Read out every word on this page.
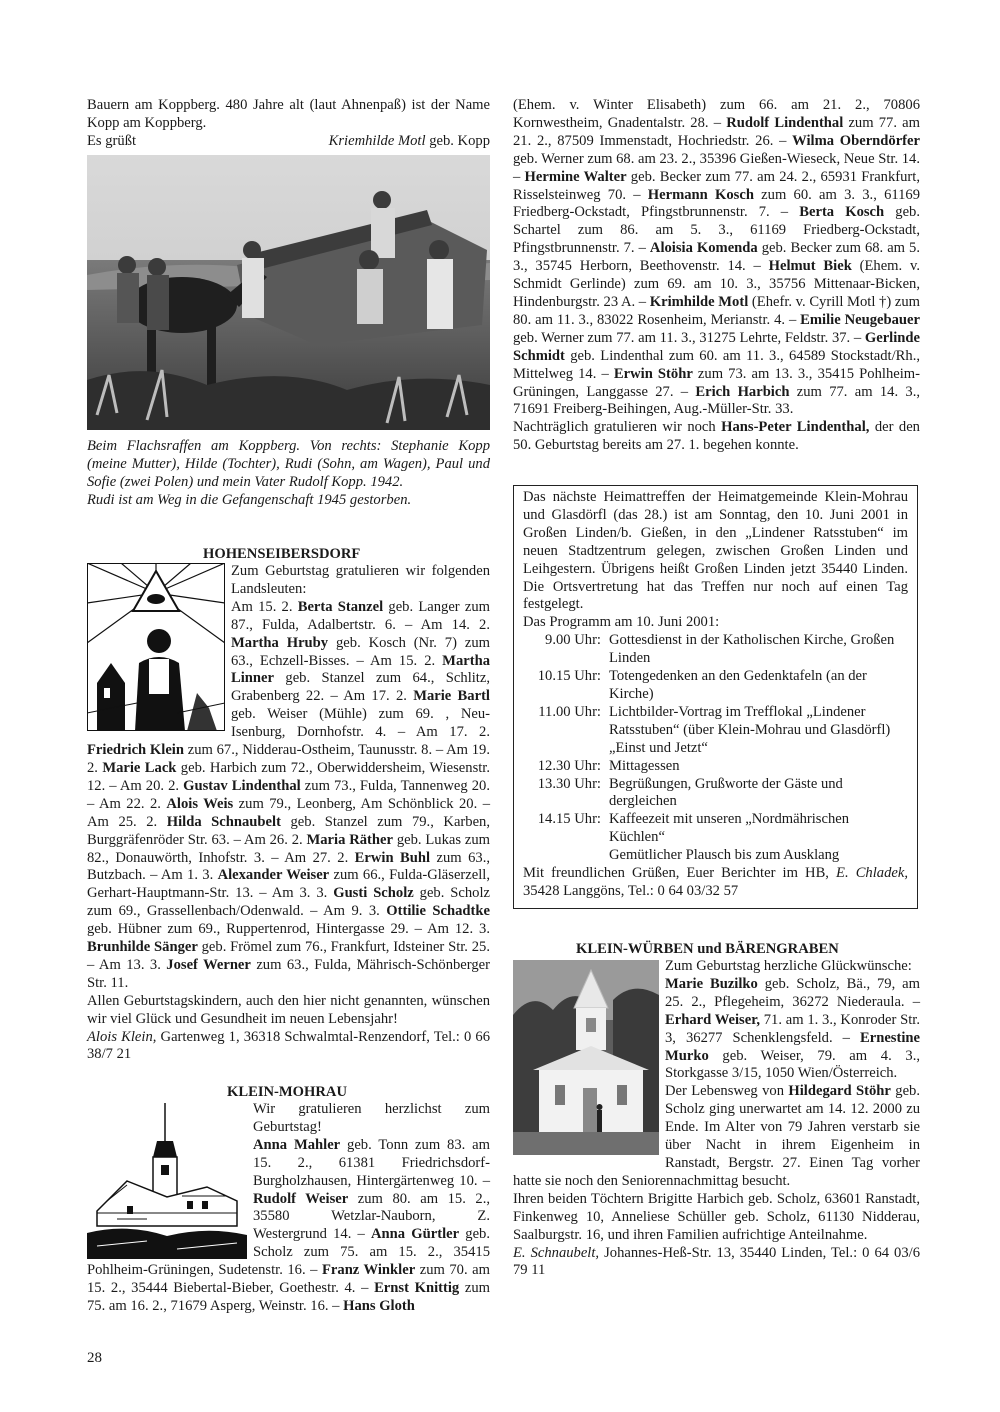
Bauern am Koppberg. 480 Jahre alt (laut Ahnenpaß) ist der Name Kopp am Koppberg.

Es grüßt	Kriemhilde Motl geb. Kopp
Beim Flachsraffen am Koppberg. Von rechts: Stephanie Kopp (meine Mutter), Hilde (Tochter), Rudi (Sohn, am Wagen), Paul und Sofie (zwei Polen) und mein Vater Rudolf Kopp. 1942.
Rudi ist am Weg in die Gefangenschaft 1945 gestorben.
HOHENSEIBERSDORF

Zum Geburtstag gratulieren wir folgenden Landsleuten:
Am 15. 2. Berta Stanzel geb. Langer zum 87., Fulda, Adalbertstr. 6. – Am 14. 2. Martha Hruby geb. Kosch (Nr. 7) zum 63., Echzell-Bisses. – Am 15. 2. Martha Linner geb. Stanzel zum 64., Schlitz, Grabenberg 22. – Am 17. 2. Marie Bartl geb. Weiser (Mühle) zum 69. , Neu-Isenburg, Dornhofstr. 4. – Am 17. 2. Friedrich Klein zum 67., Nidderau-Ostheim, Taunusstr. 8. – Am 19. 2. Marie Lack geb. Harbich zum 72., Oberwiddersheim, Wiesenstr. 12. – Am 20. 2. Gustav Lindenthal zum 73., Fulda, Tannenweg 20. – Am 22. 2. Alois Weis zum 79., Leonberg, Am Schönblick 20. – Am 25. 2. Hilda Schnaubelt geb. Stanzel zum 79., Karben, Burggräfenröder Str. 63. – Am 26. 2. Maria Räther geb. Lukas zum 82., Donauwörth, Inhofstr. 3. – Am 27. 2. Erwin Buhl zum 63., Butzbach. – Am 1. 3. Alexander Weiser zum 66., Fulda-Gläserzell, Gerhart-Hauptmann-Str. 13. – Am 3. 3. Gusti Scholz geb. Scholz zum 69., Grassellenbach/Odenwald. – Am 9. 3. Ottilie Schadtke geb. Hübner zum 69., Ruppertenrod, Hintergasse 29. – Am 12. 3. Brunhilde Sänger geb. Frömel zum 76., Frankfurt, Idsteiner Str. 25. – Am 13. 3. Josef Werner zum 63., Fulda, Mährisch-Schönberger Str. 11.

Allen Geburtstagskindern, auch den hier nicht genannten, wünschen wir viel Glück und Gesundheit im neuen Lebensjahr!

Alois Klein, Gartenweg 1, 36318 Schwalmtal-Renzendorf, Tel.: 0 66 38/7 21

KLEIN-MOHRAU

Wir gratulieren herzlichst zum Geburtstag!
Anna Mahler geb. Tonn zum 83. am 15. 2., 61381 Friedrichsdorf-Burgholzhausen, Hintergärtenweg 10. – Rudolf Weiser zum 80. am 15. 2., 35580 Wetzlar-Nauborn, Z. Westergrund 14. – Anna Gürtler geb. Scholz zum 75. am 15. 2., 35415 Pohlheim-Grüningen, Sudetenstr. 16. – Franz Winkler zum 70. am 15. 2., 35444 Biebertal-Bieber, Goethestr. 4. – Ernst Knittig zum 75. am 16. 2., 71679 Asperg, Weinstr. 16. – Hans Gloth

(Ehem. v. Winter Elisabeth) zum 66. am 21. 2., 70806 Kornwestheim, Gnadentalstr. 28. – Rudolf Lindenthal zum 77. am 21. 2., 87509 Immenstadt, Hochriedstr. 26. – Wilma Oberndörfer geb. Werner zum 68. am 23. 2., 35396 Gießen-Wieseck, Neue Str. 14. – Hermine Walter geb. Becker zum 77. am 24. 2., 65931 Frankfurt, Risselsteinweg 70. – Hermann Kosch zum 60. am 3. 3., 61169 Friedberg-Ockstadt, Pfingstbrunnenstr. 7. – Berta Kosch geb. Schartel zum 86. am 5. 3., 61169 Friedberg-Ockstadt, Pfingstbrunnenstr. 7. – Aloisia Komenda geb. Becker zum 68. am 5. 3., 35745 Herborn, Beethovenstr. 14. – Helmut Biek (Ehem. v. Schmidt Gerlinde) zum 69. am 10. 3., 35756 Mittenaar-Bicken, Hindenburgstr. 23 A. – Krimhilde Motl (Ehefr. v. Cyrill Motl †) zum 80. am 11. 3., 83022 Rosenheim, Merianstr. 4. – Emilie Neugebauer geb. Werner zum 77. am 11. 3., 31275 Lehrte, Feldstr. 37. – Gerlinde Schmidt geb. Lindenthal zum 60. am 11. 3., 64589 Stockstadt/Rh., Mittelweg 14. – Erwin Stöhr zum 73. am 13. 3., 35415 Pohlheim-Grüningen, Langgasse 27. – Erich Harbich zum 77. am 14. 3., 71691 Freiberg-Beihingen, Aug.-Müller-Str. 33.

Nachträglich gratulieren wir noch Hans-Peter Lindenthal, der den 50. Geburtstag bereits am 27. 1. begehen konnte.

Das nächste Heimattreffen der Heimatgemeinde Klein-Mohrau und Glasdörfl (das 28.) ist am Sonntag, den 10. Juni 2001 in Großen Linden/b. Gießen, in den „Lindener Ratsstuben“ im neuen Stadtzentrum gelegen, zwischen Großen Linden und Leihgestern. Übrigens heißt Großen Linden jetzt 35440 Linden. Die Ortsvertretung hat das Treffen nur noch auf einen Tag festgelegt.

Das Programm am 10. Juni 2001:

9.00 Uhr: Gottesdienst in der Katholischen Kirche, Großen Linden
10.15 Uhr: Totengedenken an den Gedenktafeln (an der Kirche)
11.00 Uhr: Lichtbilder-Vortrag im Trefflokal „Lindener Ratsstuben“ (über Klein-Mohrau und Glasdörfl) „Einst und Jetzt“
12.30 Uhr: Mittagessen
13.30 Uhr: Begrüßungen, Grußworte der Gäste und dergleichen
14.15 Uhr: Kaffeezeit mit unseren „Nordmährischen Küchlen“
Gemütlicher Plausch bis zum Ausklang

Mit freundlichen Grüßen, Euer Berichter im HB, E. Chladek, 35428 Langgöns, Tel.: 0 64 03/32 57

KLEIN-WÜRBEN und BÄRENGRABEN

Zum Geburtstag herzliche Glückwünsche:
Marie Buzilko geb. Scholz, Bä., 79, am 25. 2., Pflegeheim, 36272 Niederaula. – Erhard Weiser, 71. am 1. 3., Konroder Str. 3, 36277 Schenklengsfeld. – Ernestine Murko geb. Weiser, 79. am 4. 3., Storkgasse 3/15, 1050 Wien/Österreich.

Der Lebensweg von Hildegard Stöhr geb. Scholz ging unerwartet am 14. 12. 2000 zu Ende. Im Alter von 79 Jahren verstarb sie über Nacht in ihrem Eigenheim in Ranstadt, Bergstr. 27. Einen Tag vorher hatte sie noch den Seniorennachmittag besucht.

Ihren beiden Töchtern Brigitte Harbich geb. Scholz, 63601 Ranstadt, Finkenweg 10, Anneliese Schüller geb. Scholz, 61130 Nidderau, Saalburgstr. 16, und ihren Familien aufrichtige Anteilnahme.

E. Schnaubelt, Johannes-Heß-Str. 13, 35440 Linden, Tel.: 0 64 03/6 79 11

28
